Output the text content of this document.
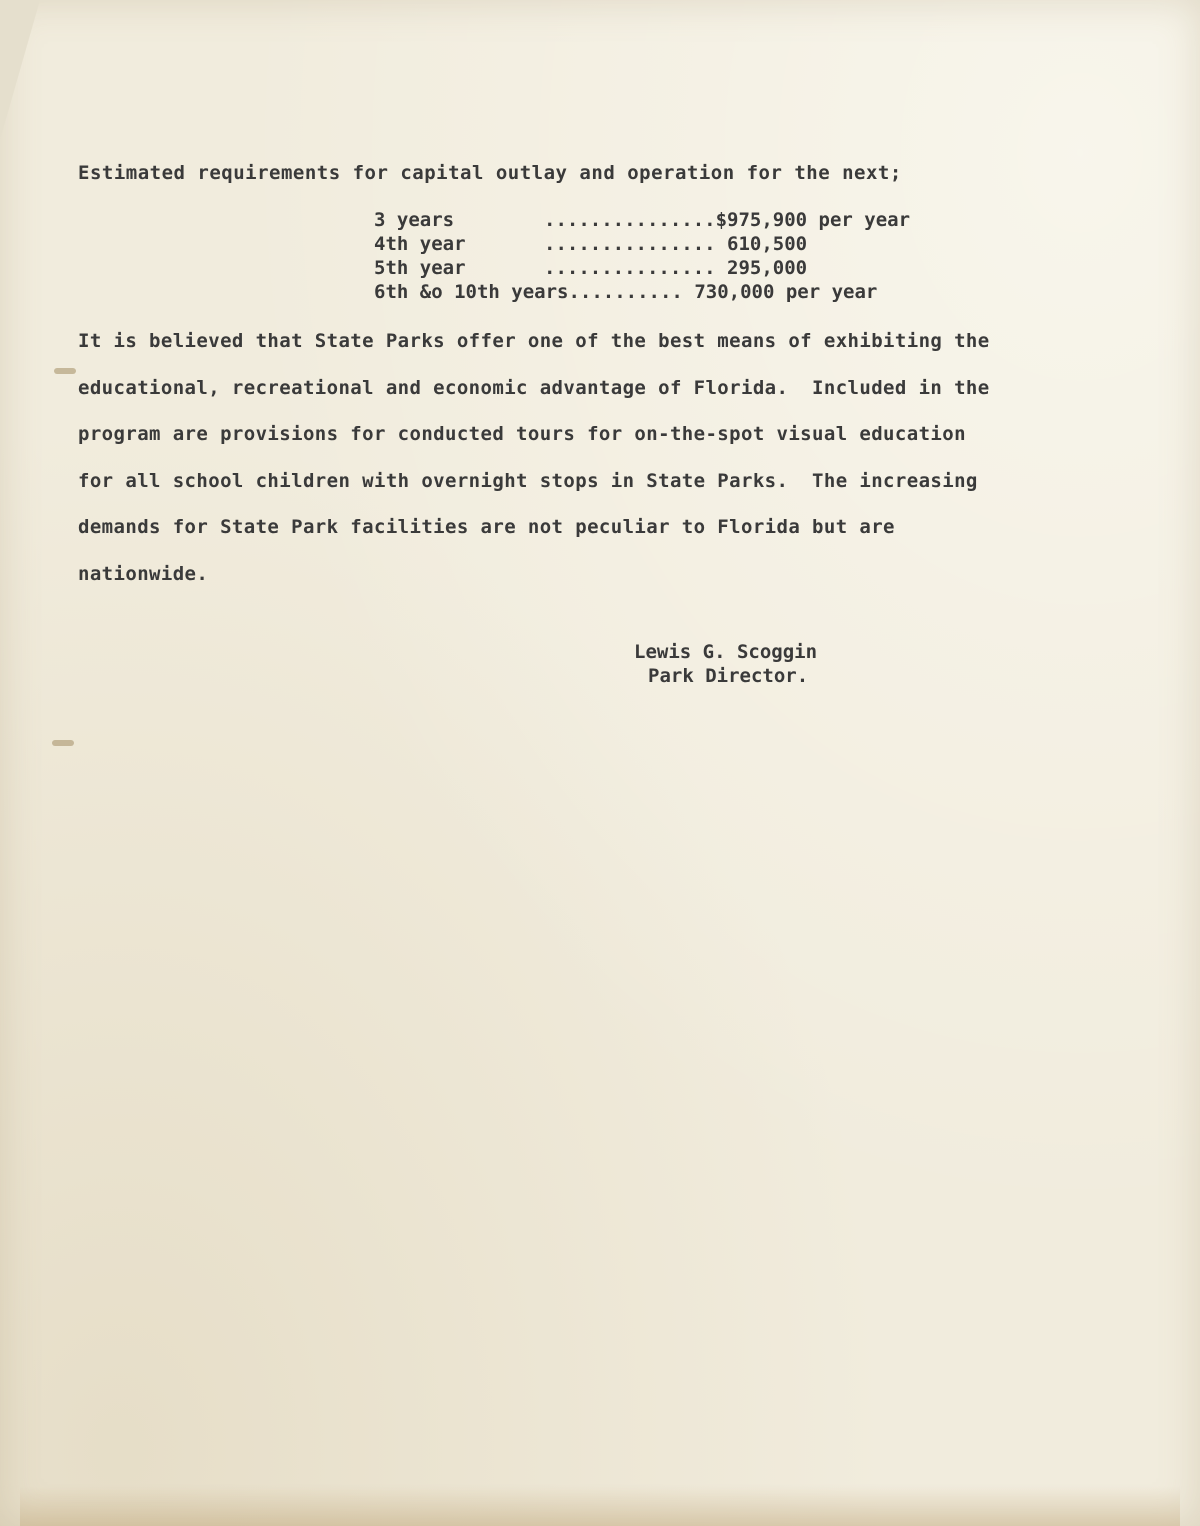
Estimated requirements for capital outlay and operation for the next;
3 years	............... $975,900 per year
4th year	............... 610,500
5th year	............... 295,000
6th &o 10th years .......... 730,000 per year
It is believed that State Parks offer one of the best means of exhibiting the
educational, recreational and economic advantage of Florida.  Included in the
program are provisions for conducted tours for on-the-spot visual education
for all school children with overnight stops in State Parks.  The increasing
demands for State Park facilities are not peculiar to Florida but are
nationwide.
Lewis G. Scoggin
Park Director.
